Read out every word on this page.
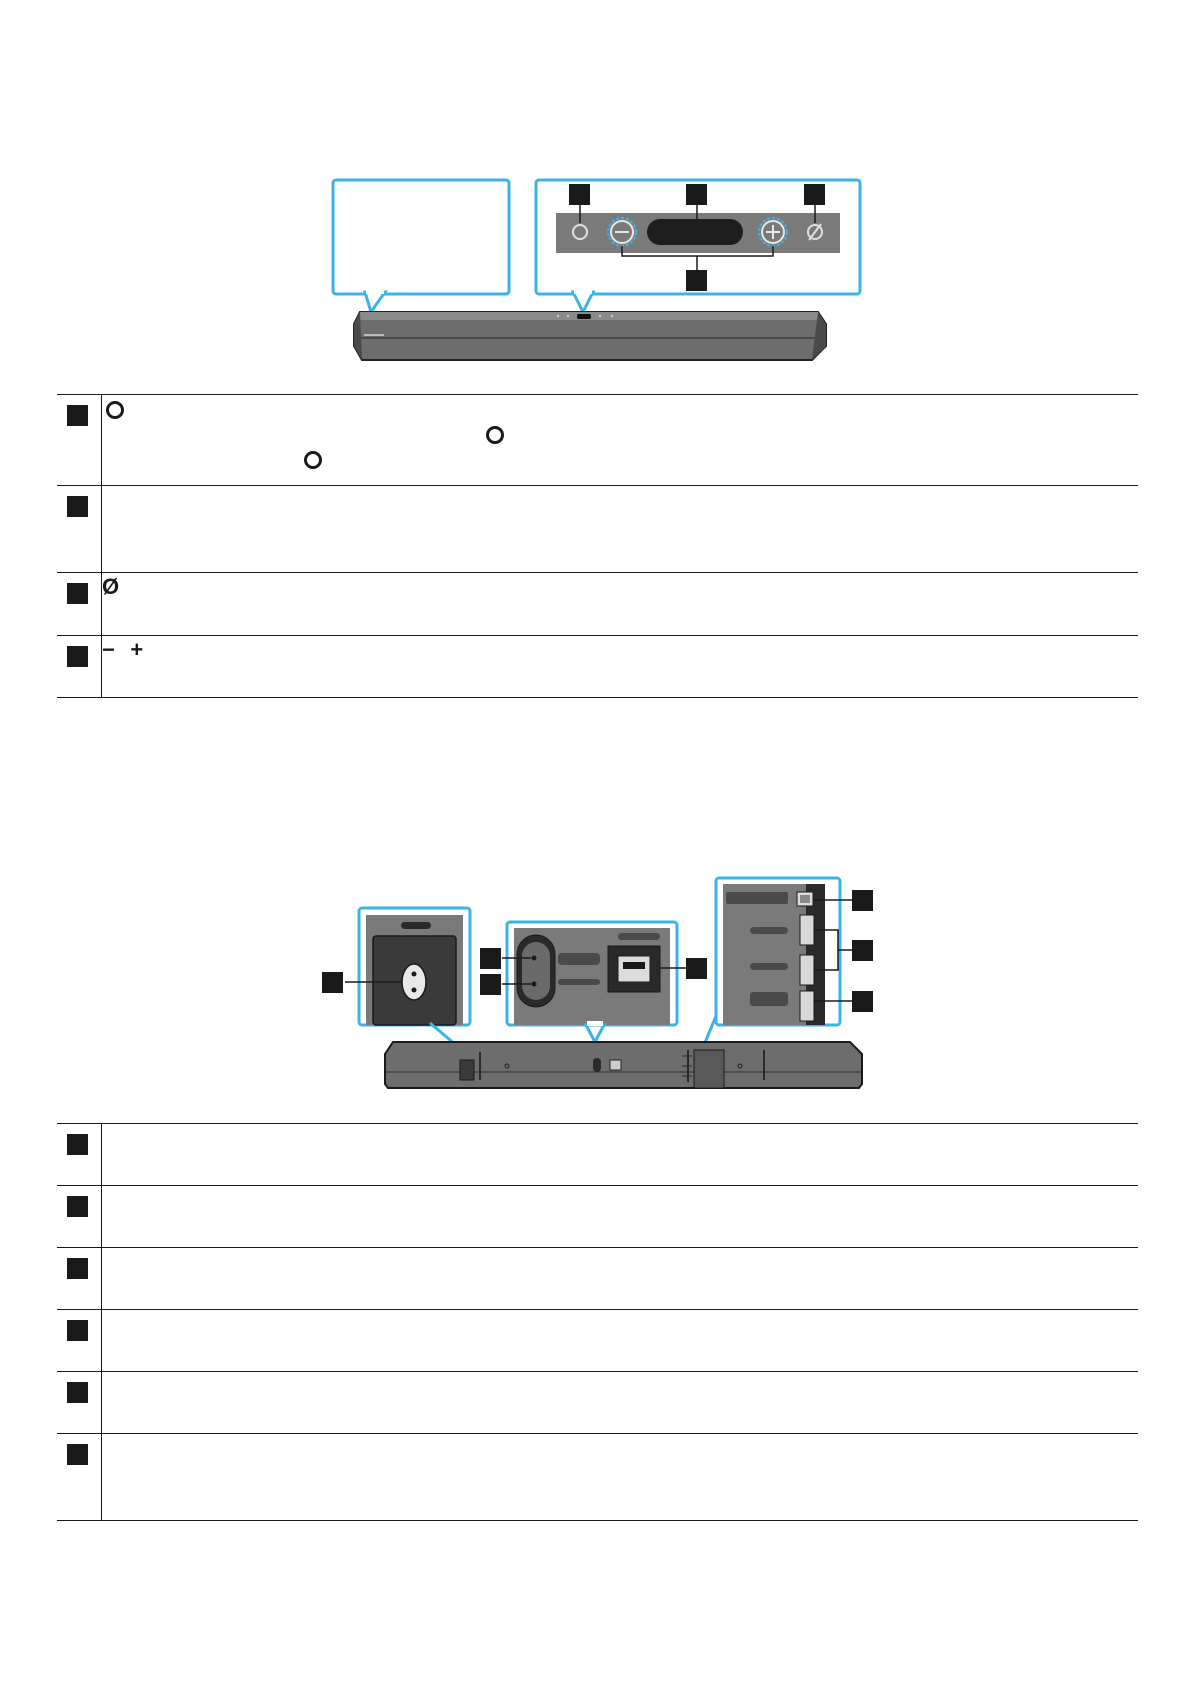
	Ø

	− +
